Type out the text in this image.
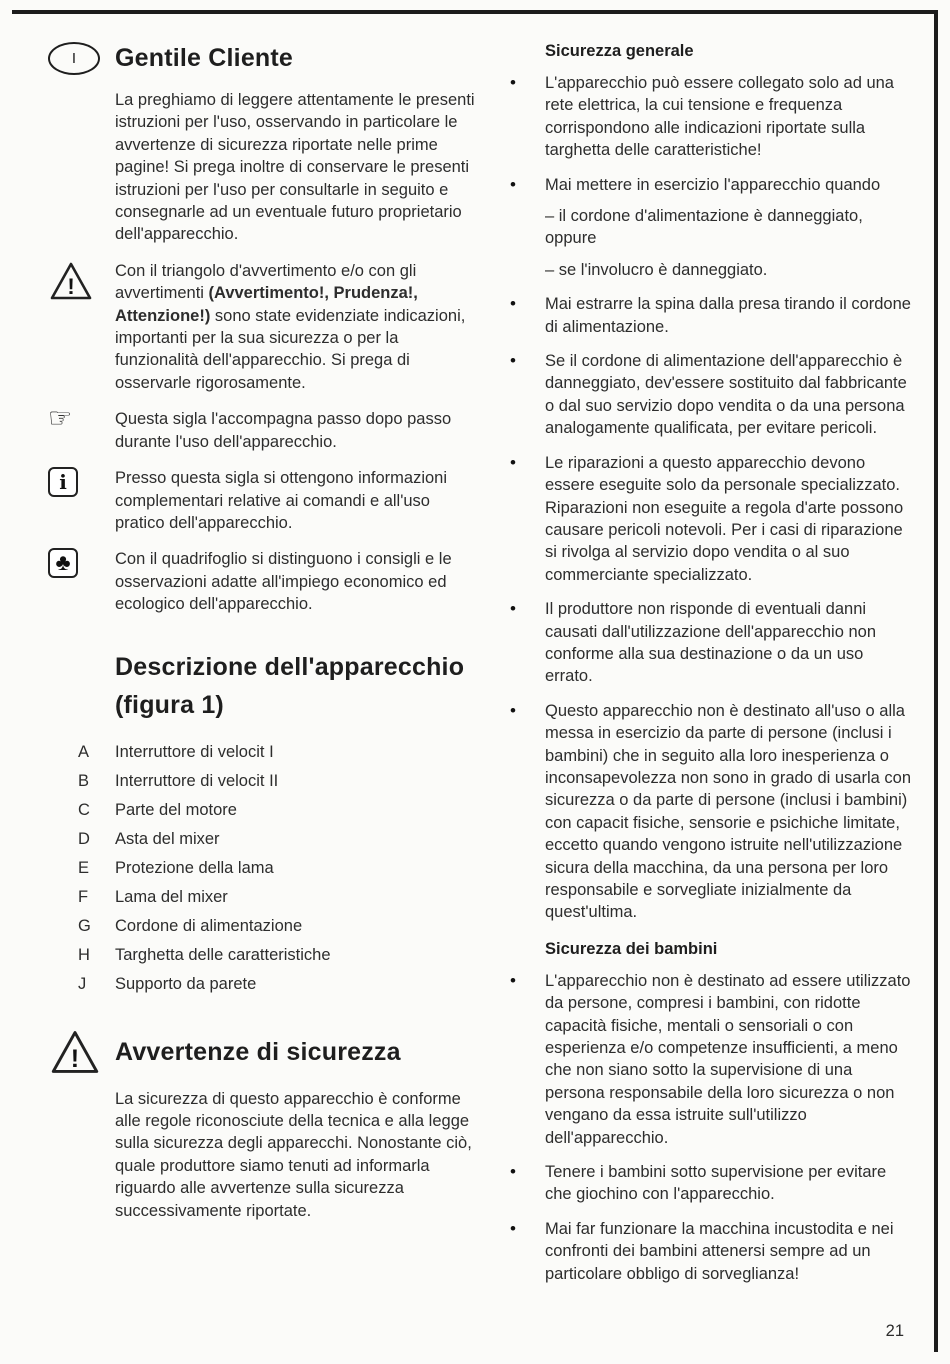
I	Gentile Cliente

La preghiamo di leggere attentamente le presenti istruzioni per l'uso, osservando in particolare le avvertenze di sicurezza riportate nelle prime pagine! Si prega inoltre di conservare le presenti istruzioni per l'uso per consultarle in seguito e consegnarle ad un eventuale futuro proprietario dell'apparecchio.

!

Con il triangolo d'avvertimento e/o con gli avvertimenti (Avvertimento!, Prudenza!, Attenzione!) sono state evidenziate indicazioni, importanti per la sua sicurezza o per la funzionalità dell'apparecchio. Si prega di osservarle rigorosamente.

☞	Questa sigla l'accompagna passo dopo passo durante l'uso dell'apparecchio.

i	Presso questa sigla si ottengono informazioni complementari relative ai comandi e all'uso pratico dell'apparecchio.

♣	Con il quadrifoglio si distinguono i consigli e le osservazioni adatte all'impiego economico ed ecologico dell'apparecchio.

Descrizione dell'apparecchio
(figura 1)
A	Interruttore di velocit I
B	Interruttore di velocit II
C	Parte del motore
D	Asta del mixer
E	Protezione della lama
F	Lama del mixer
G	Cordone di alimentazione
H	Targhetta delle caratteristiche
J	Supporto da parete
! Avvertenze di sicurezza

La sicurezza di questo apparecchio è conforme alle regole riconosciute della tecnica e alla legge sulla sicurezza degli apparecchi. Nonostante ciò, quale produttore siamo tenuti ad informarla riguardo alle avvertenze sulla sicurezza successivamente riportate.

Sicurezza generale
•	L'apparecchio può essere collegato solo ad una rete elettrica, la cui tensione e frequenza corrispondono alle indicazioni riportate sulla targhetta delle caratteristiche!
•	Mai mettere in esercizio l'apparecchio quando
– il cordone d'alimentazione è danneggiato, oppure
– se l'involucro è danneggiato.
•	Mai estrarre la spina dalla presa tirando il cordone di alimentazione.
•	Se il cordone di alimentazione dell'apparecchio è danneggiato, dev'essere sostituito dal fabbricante o dal suo servizio dopo vendita o da una persona analogamente qualificata, per evitare pericoli.
•	Le riparazioni a questo apparecchio devono essere eseguite solo da personale specializzato. Riparazioni non eseguite a regola d'arte possono causare pericoli notevoli. Per i casi di riparazione si rivolga al servizio dopo vendita o al suo commerciante specializzato.
•	Il produttore non risponde di eventuali danni causati dall'utilizzazione dell'apparecchio non conforme alla sua destinazione o da un uso errato.
•	Questo apparecchio non è destinato all'uso o alla messa in esercizio da parte di persone (inclusi i bambini) che in seguito alla loro inesperienza o inconsapevolezza non sono in grado di usarla con sicurezza o da parte di persone (inclusi i bambini) con capacit fisiche, sensorie e psichiche limitate, eccetto quando vengono istruite nell'utilizzazione sicura della macchina, da una persona per loro responsabile e sorvegliate inizialmente da quest'ultima.
Sicurezza dei bambini
•	L'apparecchio non è destinato ad essere utilizzato da persone, compresi i bambini, con ridotte capacità fisiche, mentali o sensoriali o con esperienza e/o competenze insufficienti, a meno che non siano sotto la supervisione di una persona responsabile della loro sicurezza o non vengano da essa istruite sull'utilizzo dell'apparecchio.
•	Tenere i bambini sotto supervisione per evitare che giochino con l'apparecchio.
•	Mai far funzionare la macchina incustodita e nei confronti dei bambini attenersi sempre ad un particolare obbligo di sorveglianza!
21
